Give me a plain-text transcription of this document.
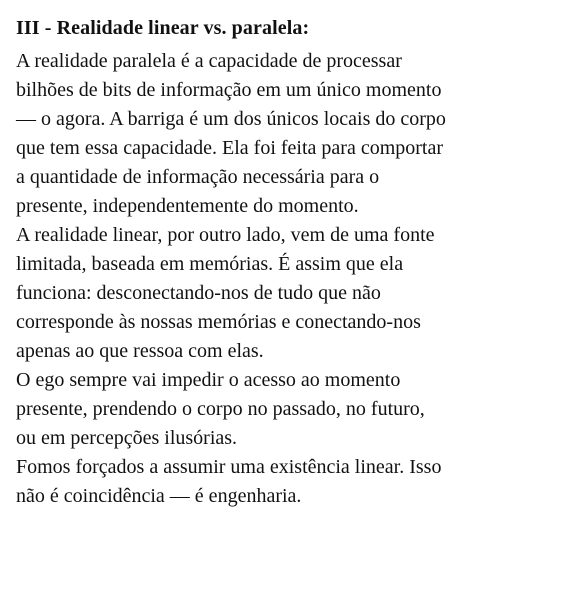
III - Realidade linear vs. paralela:
A realidade paralela é a capacidade de processar
bilhões de bits de informação em um único momento
— o agora. A barriga é um dos únicos locais do corpo
que tem essa capacidade. Ela foi feita para comportar
a quantidade de informação necessária para o
presente, independentemente do momento.
A realidade linear, por outro lado, vem de uma fonte
limitada, baseada em memórias. É assim que ela
funciona: desconectando-nos de tudo que não
corresponde às nossas memórias e conectando-nos
apenas ao que ressoa com elas.
O ego sempre vai impedir o acesso ao momento
presente, prendendo o corpo no passado, no futuro,
ou em percepções ilusórias.
Fomos forçados a assumir uma existência linear. Isso
não é coincidência — é engenharia.
